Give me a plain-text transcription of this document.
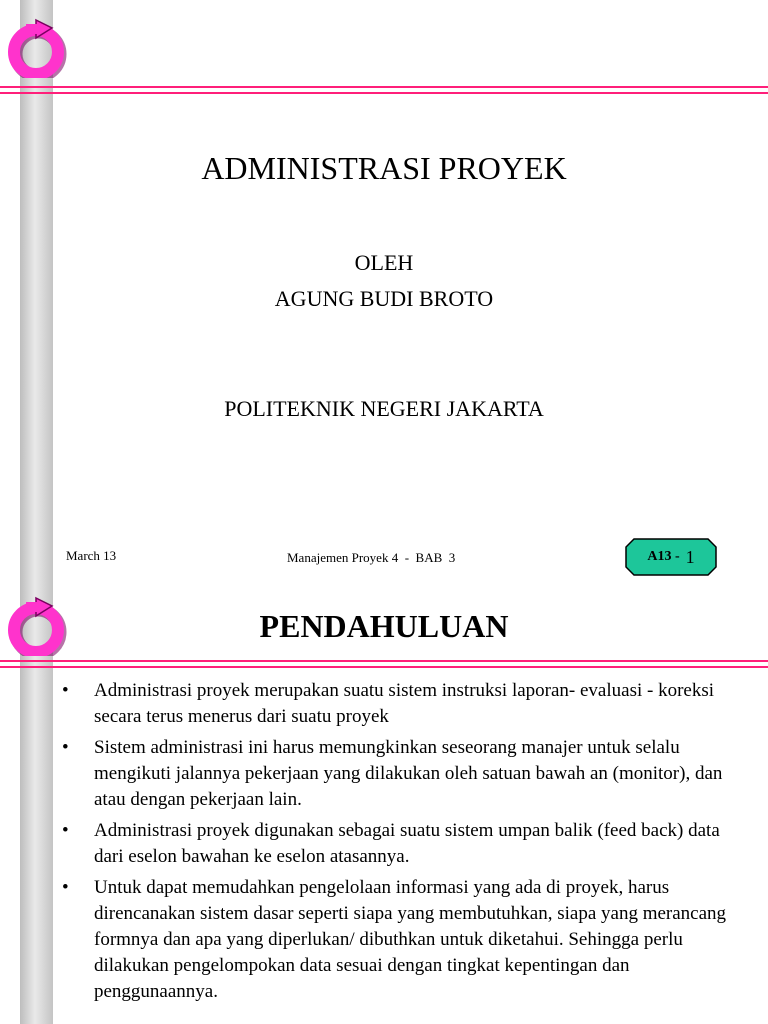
ADMINISTRASI PROYEK
OLEH
AGUNG BUDI BROTO
POLITEKNIK NEGERI JAKARTA
March 13	Manajemen Proyek 4  -  BAB  3	A13 - 1
PENDAHULUAN
• Administrasi proyek merupakan suatu sistem instruksi laporan- evaluasi - koreksi secara terus menerus dari suatu proyek
• Sistem administrasi ini harus memungkinkan seseorang manajer untuk selalu mengikuti jalannya pekerjaan yang dilakukan oleh satuan bawah an (monitor), dan atau dengan pekerjaan lain.
• Administrasi proyek digunakan sebagai suatu sistem umpan balik (feed back) data dari eselon bawahan ke eselon atasannya.
• Untuk dapat memudahkan pengelolaan informasi yang ada di proyek, harus direncanakan sistem dasar seperti siapa yang membutuhkan, siapa yang merancang formnya dan apa yang diperlukan/ dibuthkan untuk diketahui. Sehingga perlu dilakukan pengelompokan data sesuai dengan tingkat kepentingan dan penggunaannya.
